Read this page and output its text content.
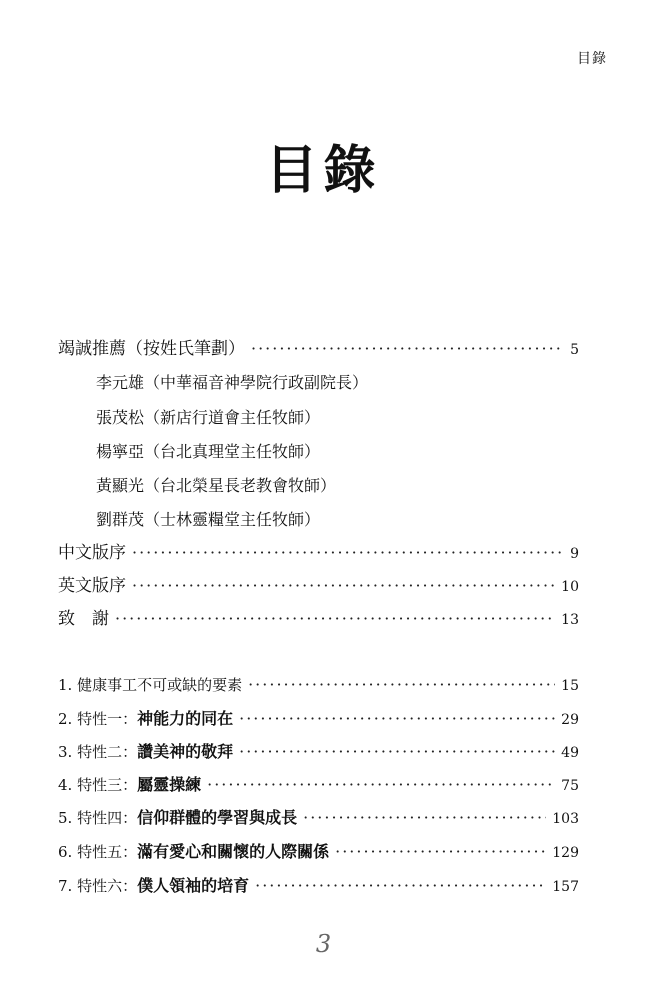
目錄
目錄
竭誠推薦（按姓氏筆劃） ·····	5
李元雄（中華福音神學院行政副院長）
張茂松（新店行道會主任牧師）
楊寧亞（台北真理堂主任牧師）
黃顯光（台北榮星長老教會牧師）
劉群茂（士林靈糧堂主任牧師）
中文版序 ·····	9
英文版序 ·····	10
致　謝 ·····	13
1. 健康事工不可或缺的要素 ·····	15
2. 特性一：神能力的同在 ·····	29
3. 特性二：讚美神的敬拜 ·····	49
4. 特性三：屬靈操練 ·····	75
5. 特性四：信仰群體的學習與成長 ·····	103
6. 特性五：滿有愛心和關懷的人際關係 ·····	129
7. 特性六：僕人領袖的培育 ·····	157
3
